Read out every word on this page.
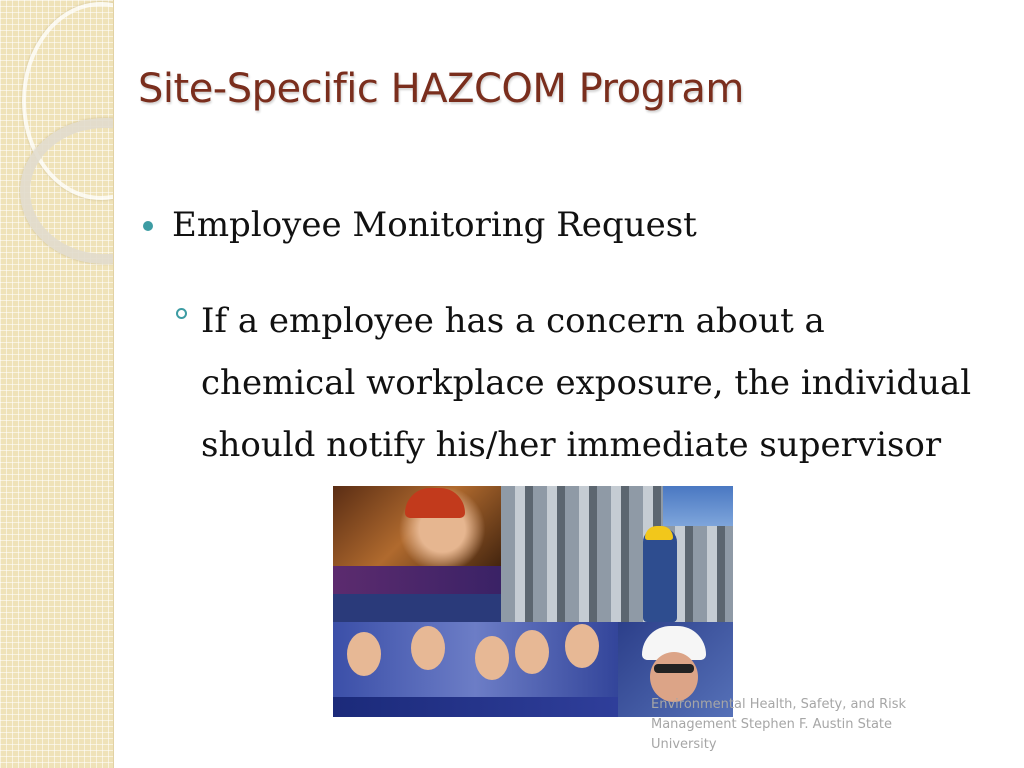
Site-Specific HAZCOM Program
Employee Monitoring Request
If a employee has a concern about a chemical workplace exposure, the individual should notify his/her immediate supervisor
Environmental Health, Safety, and Risk Management Stephen F. Austin State University
